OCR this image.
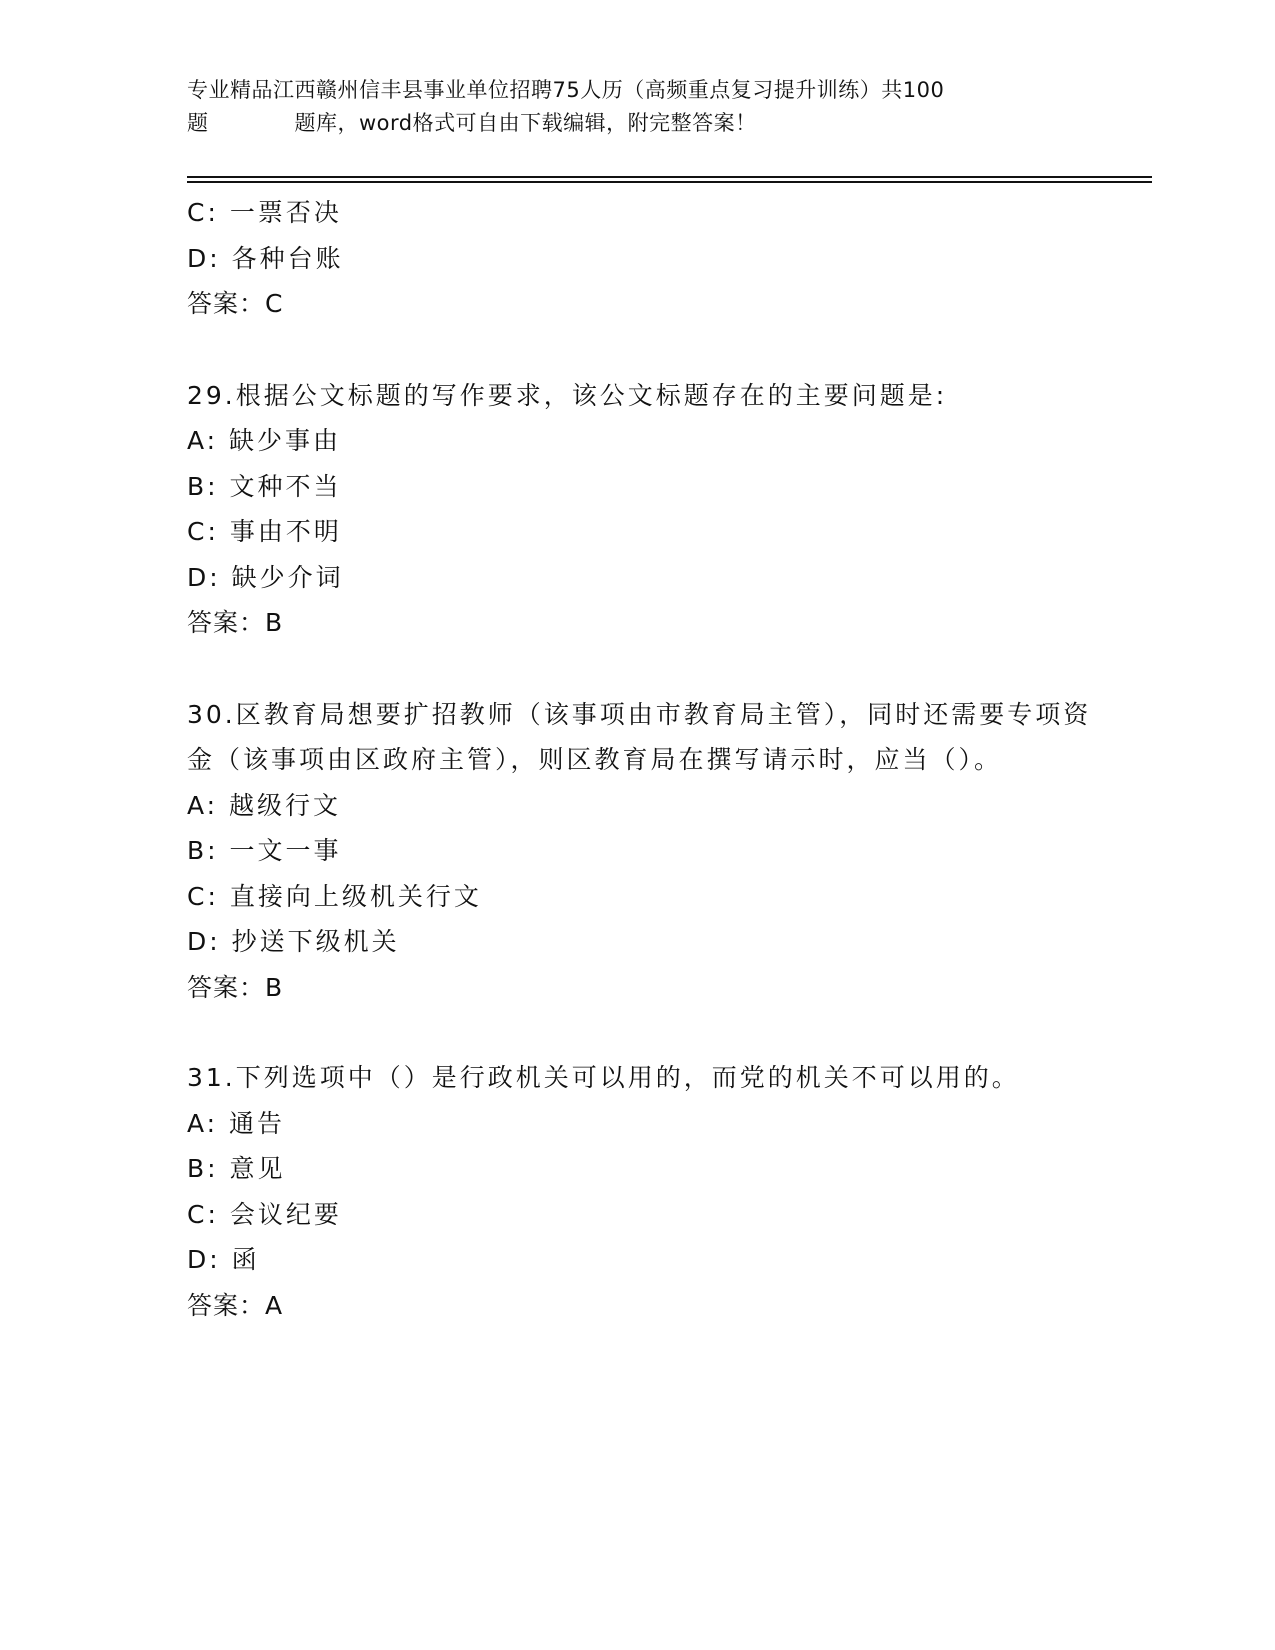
专业精品江西赣州信丰县事业单位招聘75人历（高频重点复习提升训练）共100
题　　　　题库，word格式可自由下载编辑，附完整答案！
C: 一票否决
D: 各种台账
答案：C
29.根据公文标题的写作要求，该公文标题存在的主要问题是:
A: 缺少事由
B: 文种不当
C: 事由不明
D: 缺少介词
答案：B
30.区教育局想要扩招教师（该事项由市教育局主管），同时还需要专项资金（该事项由区政府主管），则区教育局在撰写请示时，应当（）。
A: 越级行文
B: 一文一事
C: 直接向上级机关行文
D: 抄送下级机关
答案：B
31.下列选项中（）是行政机关可以用的，而党的机关不可以用的。
A: 通告
B: 意见
C: 会议纪要
D: 函
答案：A
